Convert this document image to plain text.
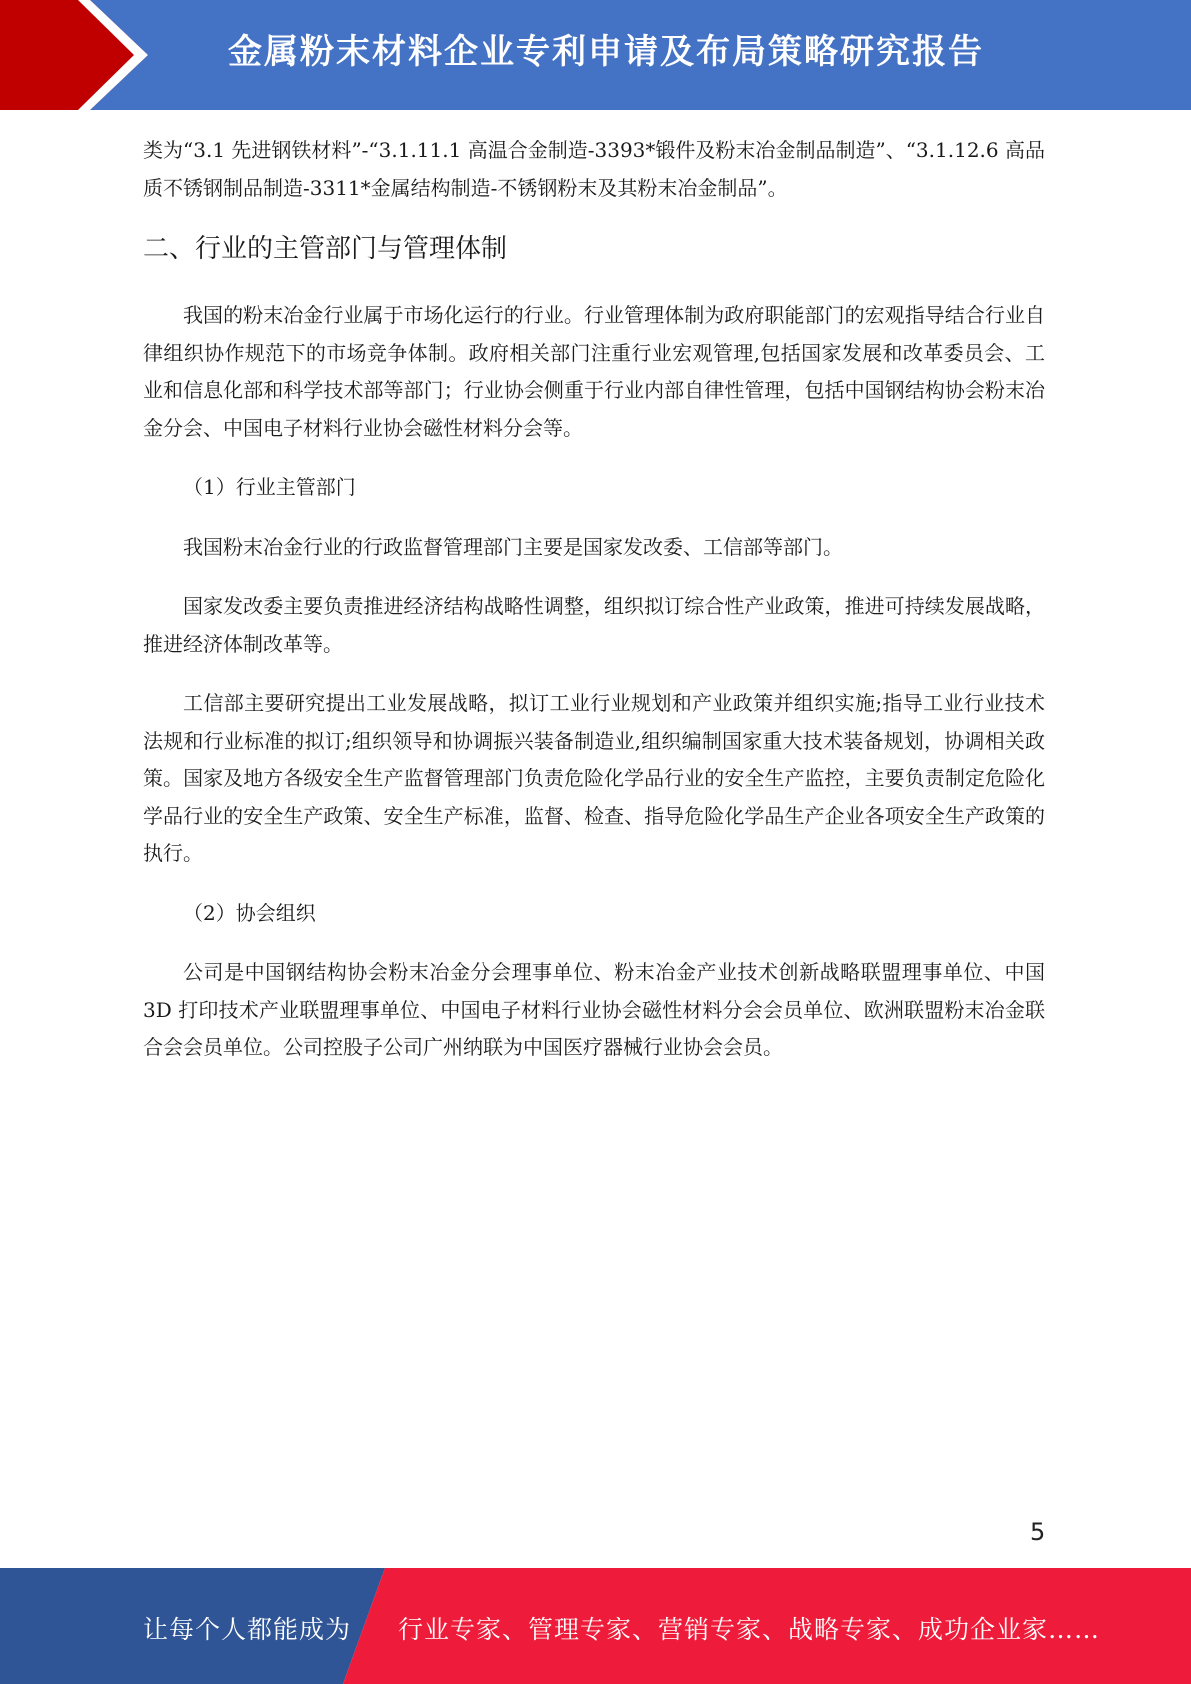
金属粉末材料企业专利申请及布局策略研究报告

类为“3.1 先进钢铁材料”-“3.1.11.1 高温合金制造-3393*锻件及粉末冶金制品制造”、“3.1.12.6 高品质不锈钢制品制造-3311*金属结构制造-不锈钢粉末及其粉末冶金制品”。

二、行业的主管部门与管理体制

我国的粉末冶金行业属于市场化运行的行业。行业管理体制为政府职能部门的宏观指导结合行业自律组织协作规范下的市场竞争体制。政府相关部门注重行业宏观管理,包括国家发展和改革委员会、工业和信息化部和科学技术部等部门；行业协会侧重于行业内部自律性管理，包括中国钢结构协会粉末冶金分会、中国电子材料行业协会磁性材料分会等。

（1）行业主管部门

我国粉末冶金行业的行政监督管理部门主要是国家发改委、工信部等部门。

国家发改委主要负责推进经济结构战略性调整，组织拟订综合性产业政策，推进可持续发展战略，推进经济体制改革等。

工信部主要研究提出工业发展战略，拟订工业行业规划和产业政策并组织实施;指导工业行业技术法规和行业标准的拟订;组织领导和协调振兴装备制造业,组织编制国家重大技术装备规划，协调相关政策。国家及地方各级安全生产监督管理部门负责危险化学品行业的安全生产监控，主要负责制定危险化学品行业的安全生产政策、安全生产标准，监督、检查、指导危险化学品生产企业各项安全生产政策的执行。

（2）协会组织

公司是中国钢结构协会粉末冶金分会理事单位、粉末冶金产业技术创新战略联盟理事单位、中国 3D 打印技术产业联盟理事单位、中国电子材料行业协会磁性材料分会会员单位、欧洲联盟粉末冶金联合会会员单位。公司控股子公司广州纳联为中国医疗器械行业协会会员。

5
让每个人都能成为 行业专家、管理专家、营销专家、战略专家、成功企业家……
